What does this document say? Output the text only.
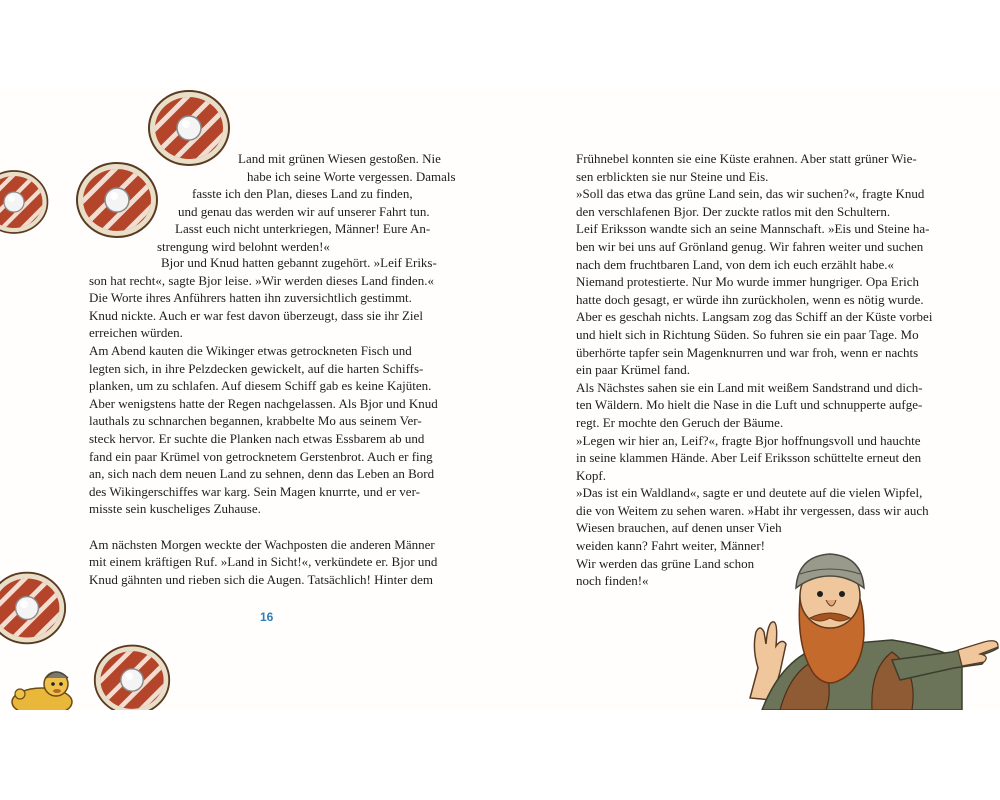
Land mit grünen Wiesen gestoßen. Nie
habe ich seine Worte vergessen. Damals
fasste ich den Plan, dieses Land zu finden,
und genau das werden wir auf unserer Fahrt tun.
Lasst euch nicht unterkriegen, Männer! Eure An-
strengung wird belohnt werden!«
Bjor und Knud hatten gebannt zugehört. »Leif Eriks-
son hat recht«, sagte Bjor leise. »Wir werden dieses Land finden.«
Die Worte ihres Anführers hatten ihn zuversichtlich gestimmt.
Knud nickte. Auch er war fest davon überzeugt, dass sie ihr Ziel
erreichen würden.
Am Abend kauten die Wikinger etwas getrockneten Fisch und
legten sich, in ihre Pelzdecken gewickelt, auf die harten Schiffs-
planken, um zu schlafen. Auf diesem Schiff gab es keine Kajüten.
Aber wenigstens hatte der Regen nachgelassen. Als Bjor und Knud
lauthals zu schnarchen begannen, krabbelte Mo aus seinem Ver-
steck hervor. Er suchte die Planken nach etwas Essbarem ab und
fand ein paar Krümel von getrocknetem Gerstenbrot. Auch er fing
an, sich nach dem neuen Land zu sehnen, denn das Leben an Bord
des Wikingerschiffes war karg. Sein Magen knurrte, und er ver-
misste sein kuscheliges Zuhause.
Am nächsten Morgen weckte der Wachposten die anderen Männer
mit einem kräftigen Ruf. »Land in Sicht!«, verkündete er. Bjor und
Knud gähnten und rieben sich die Augen. Tatsächlich! Hinter dem
16
Frühnebel konnten sie eine Küste erahnen. Aber statt grüner Wie-
sen erblickten sie nur Steine und Eis.
»Soll das etwa das grüne Land sein, das wir suchen?«, fragte Knud
den verschlafenen Bjor. Der zuckte ratlos mit den Schultern.
Leif Eriksson wandte sich an seine Mannschaft. »Eis und Steine ha-
ben wir bei uns auf Grönland genug. Wir fahren weiter und suchen
nach dem fruchtbaren Land, von dem ich euch erzählt habe.«
Niemand protestierte. Nur Mo wurde immer hungriger. Opa Erich
hatte doch gesagt, er würde ihn zurückholen, wenn es nötig wurde.
Aber es geschah nichts. Langsam zog das Schiff an der Küste vorbei
und hielt sich in Richtung Süden. So fuhren sie ein paar Tage. Mo
überhörte tapfer sein Magenknurren und war froh, wenn er nachts
ein paar Krümel fand.
Als Nächstes sahen sie ein Land mit weißem Sandstrand und dich-
ten Wäldern. Mo hielt die Nase in die Luft und schnupperte aufge-
regt. Er mochte den Geruch der Bäume.
»Legen wir hier an, Leif?«, fragte Bjor hoffnungsvoll und hauchte
in seine klammen Hände. Aber Leif Eriksson schüttelte erneut den
Kopf.
»Das ist ein Waldland«, sagte er und deutete auf die vielen Wipfel,
die von Weitem zu sehen waren. »Habt ihr vergessen, dass wir auch
Wiesen brauchen, auf denen unser Vieh
weiden kann? Fahrt weiter, Männer!
Wir werden das grüne Land schon
noch finden!«
